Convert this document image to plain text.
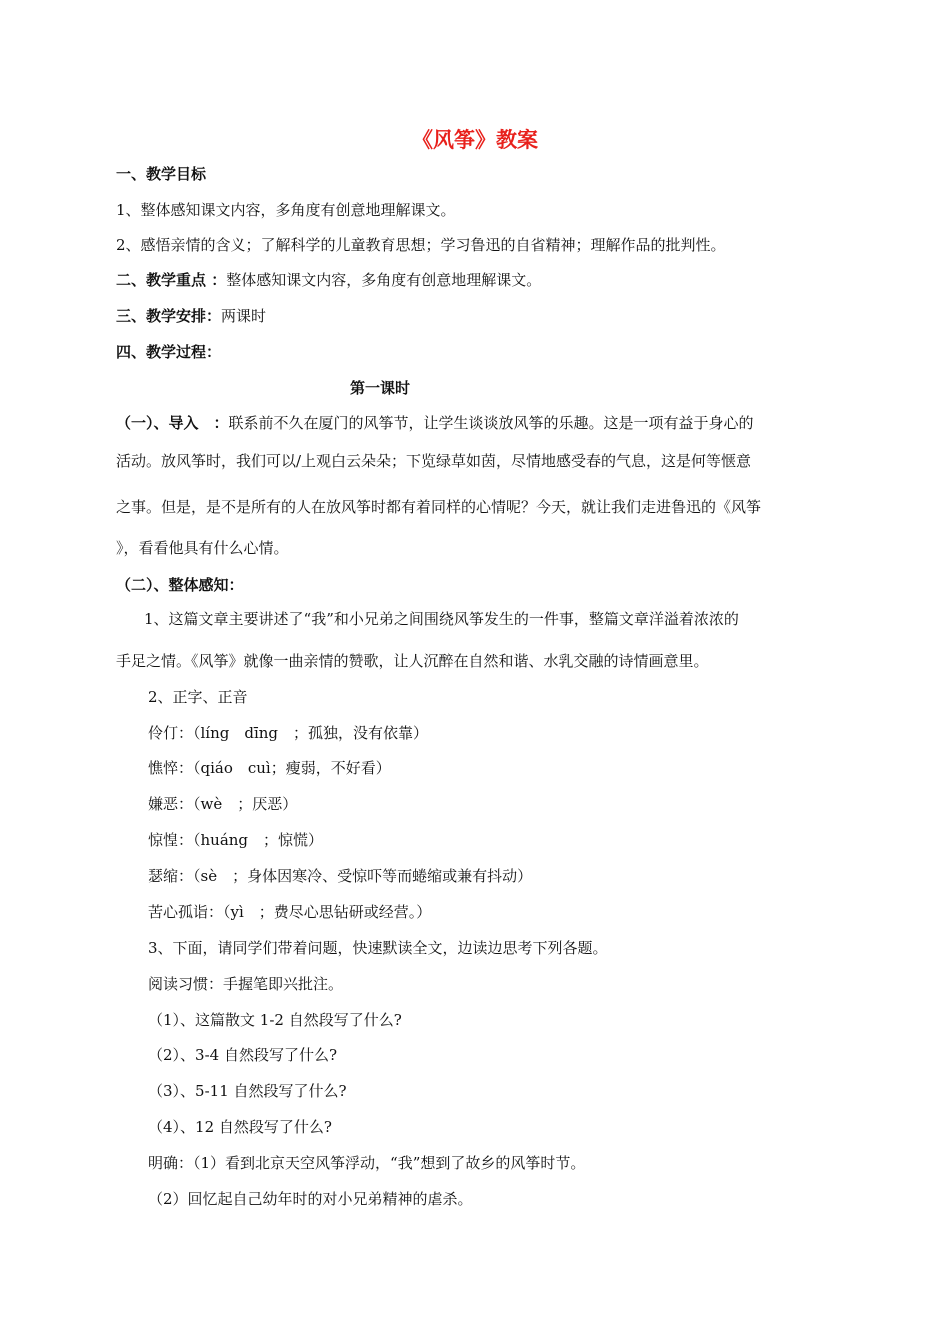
《风筝》教案
一、教学目标
1、整体感知课文内容，多角度有创意地理解课文。
2、感悟亲情的含义；了解科学的儿童教育思想；学习鲁迅的自省精神；理解作品的批判性。
二、教学重点 ：整体感知课文内容，多角度有创意地理解课文。
三、教学安排：两课时
四、教学过程：
第一课时
（一）、导入　：联系前不久在厦门的风筝节，让学生谈谈放风筝的乐趣。这是一项有益于身心的
活动。放风筝时，我们可以/上观白云朵朵；下览绿草如茵，尽情地感受春的气息，这是何等惬意
之事。但是，是不是所有的人在放风筝时都有着同样的心情呢？今天，就让我们走进鲁迅的《风筝
》，看看他具有什么心情。
（二）、整体感知：
1、这篇文章主要讲述了“我”和小兄弟之间围绕风筝发生的一件事，整篇文章洋溢着浓浓的
手足之情。《风筝》就像一曲亲情的赞歌，让人沉醉在自然和谐、水乳交融的诗情画意里。
2、正字、正音
伶仃：（líng　dīng　；孤独，没有依靠）
憔悴：（qiáo　cuì；瘦弱，不好看）
嫌恶：（wè　；厌恶）
惊惶：（huáng　；惊慌）
瑟缩：（sè　；身体因寒冷、受惊吓等而蜷缩或兼有抖动）
苦心孤诣：（yì　；费尽心思钻研或经营。）
3、下面，请同学们带着问题，快速默读全文，边读边思考下列各题。
阅读习惯：手握笔即兴批注。
（1）、这篇散文 1-2 自然段写了什么?
（2）、3-4 自然段写了什么?
（3）、5-11 自然段写了什么?
（4）、12 自然段写了什么?
明确：（1）看到北京天空风筝浮动，“我”想到了故乡的风筝时节。
（2）回忆起自己幼年时的对小兄弟精神的虐杀。
